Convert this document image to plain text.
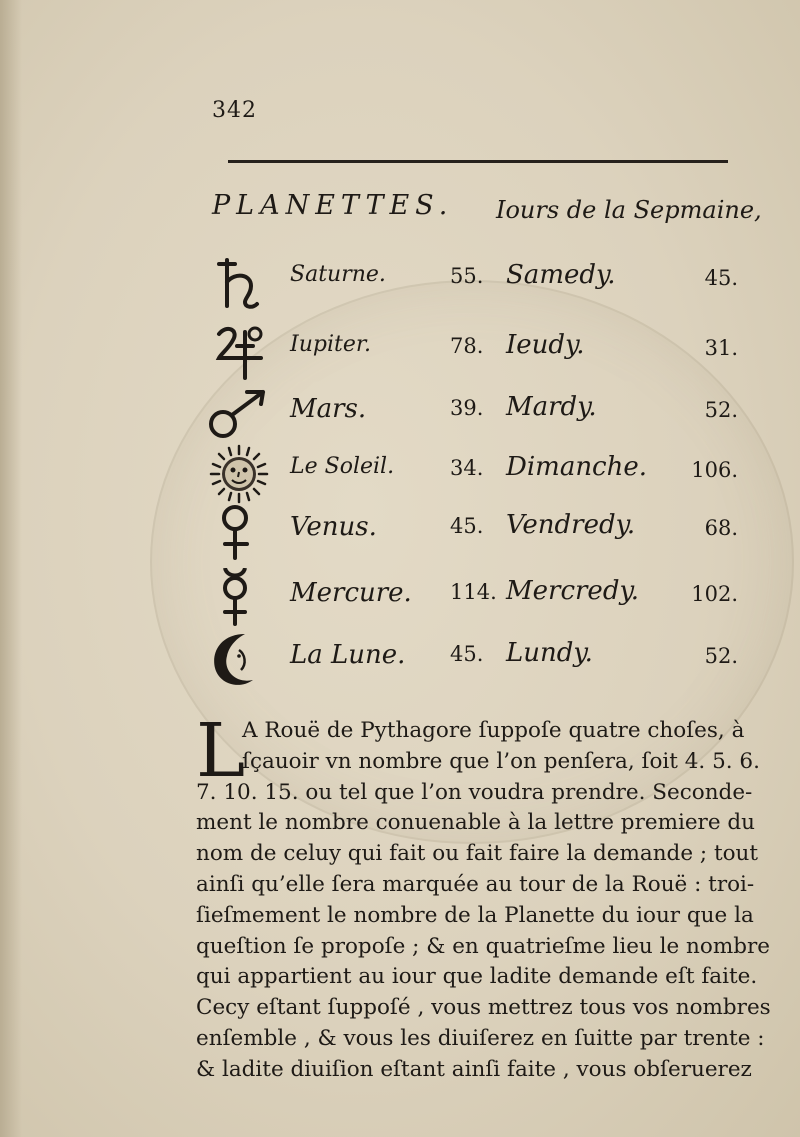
342
PLANETTES. Iours de la Sepmaine,
Saturne.	55. Samedy.	45.
Iupiter.	78. Ieudy.	31.
Mars.	39. Mardy.	52.
Le Soleil.	34. Dimanche. 106.
Venus.	45. Vendredy.	68.
Mercure. 114. Mercredy. 102.
La Lune. 45. Lundy.	52.
L
A Rouë de Pythagore ſuppoſe quatre choſes, à
ſçauoir vn nombre que l’on penſera, ſoit 4. 5. 6.
7. 10. 15. ou tel que l’on voudra prendre. Seconde-
ment le nombre conuenable à la lettre premiere du
nom de celuy qui fait ou fait faire la demande ; tout
ainſi qu’elle ſera marquée au tour de la Rouë : troi-
ſieſmement le nombre de la Planette du iour que la
queſtion ſe propoſe ; & en quatrieſme lieu le nombre
qui appartient au iour que ladite demande eſt faite.
Cecy eſtant ſuppoſé , vous mettrez tous vos nombres
enſemble , & vous les diuiſerez en ſuitte par trente :
& ladite diuiſion eſtant ainſi faite , vous obſeruerez
